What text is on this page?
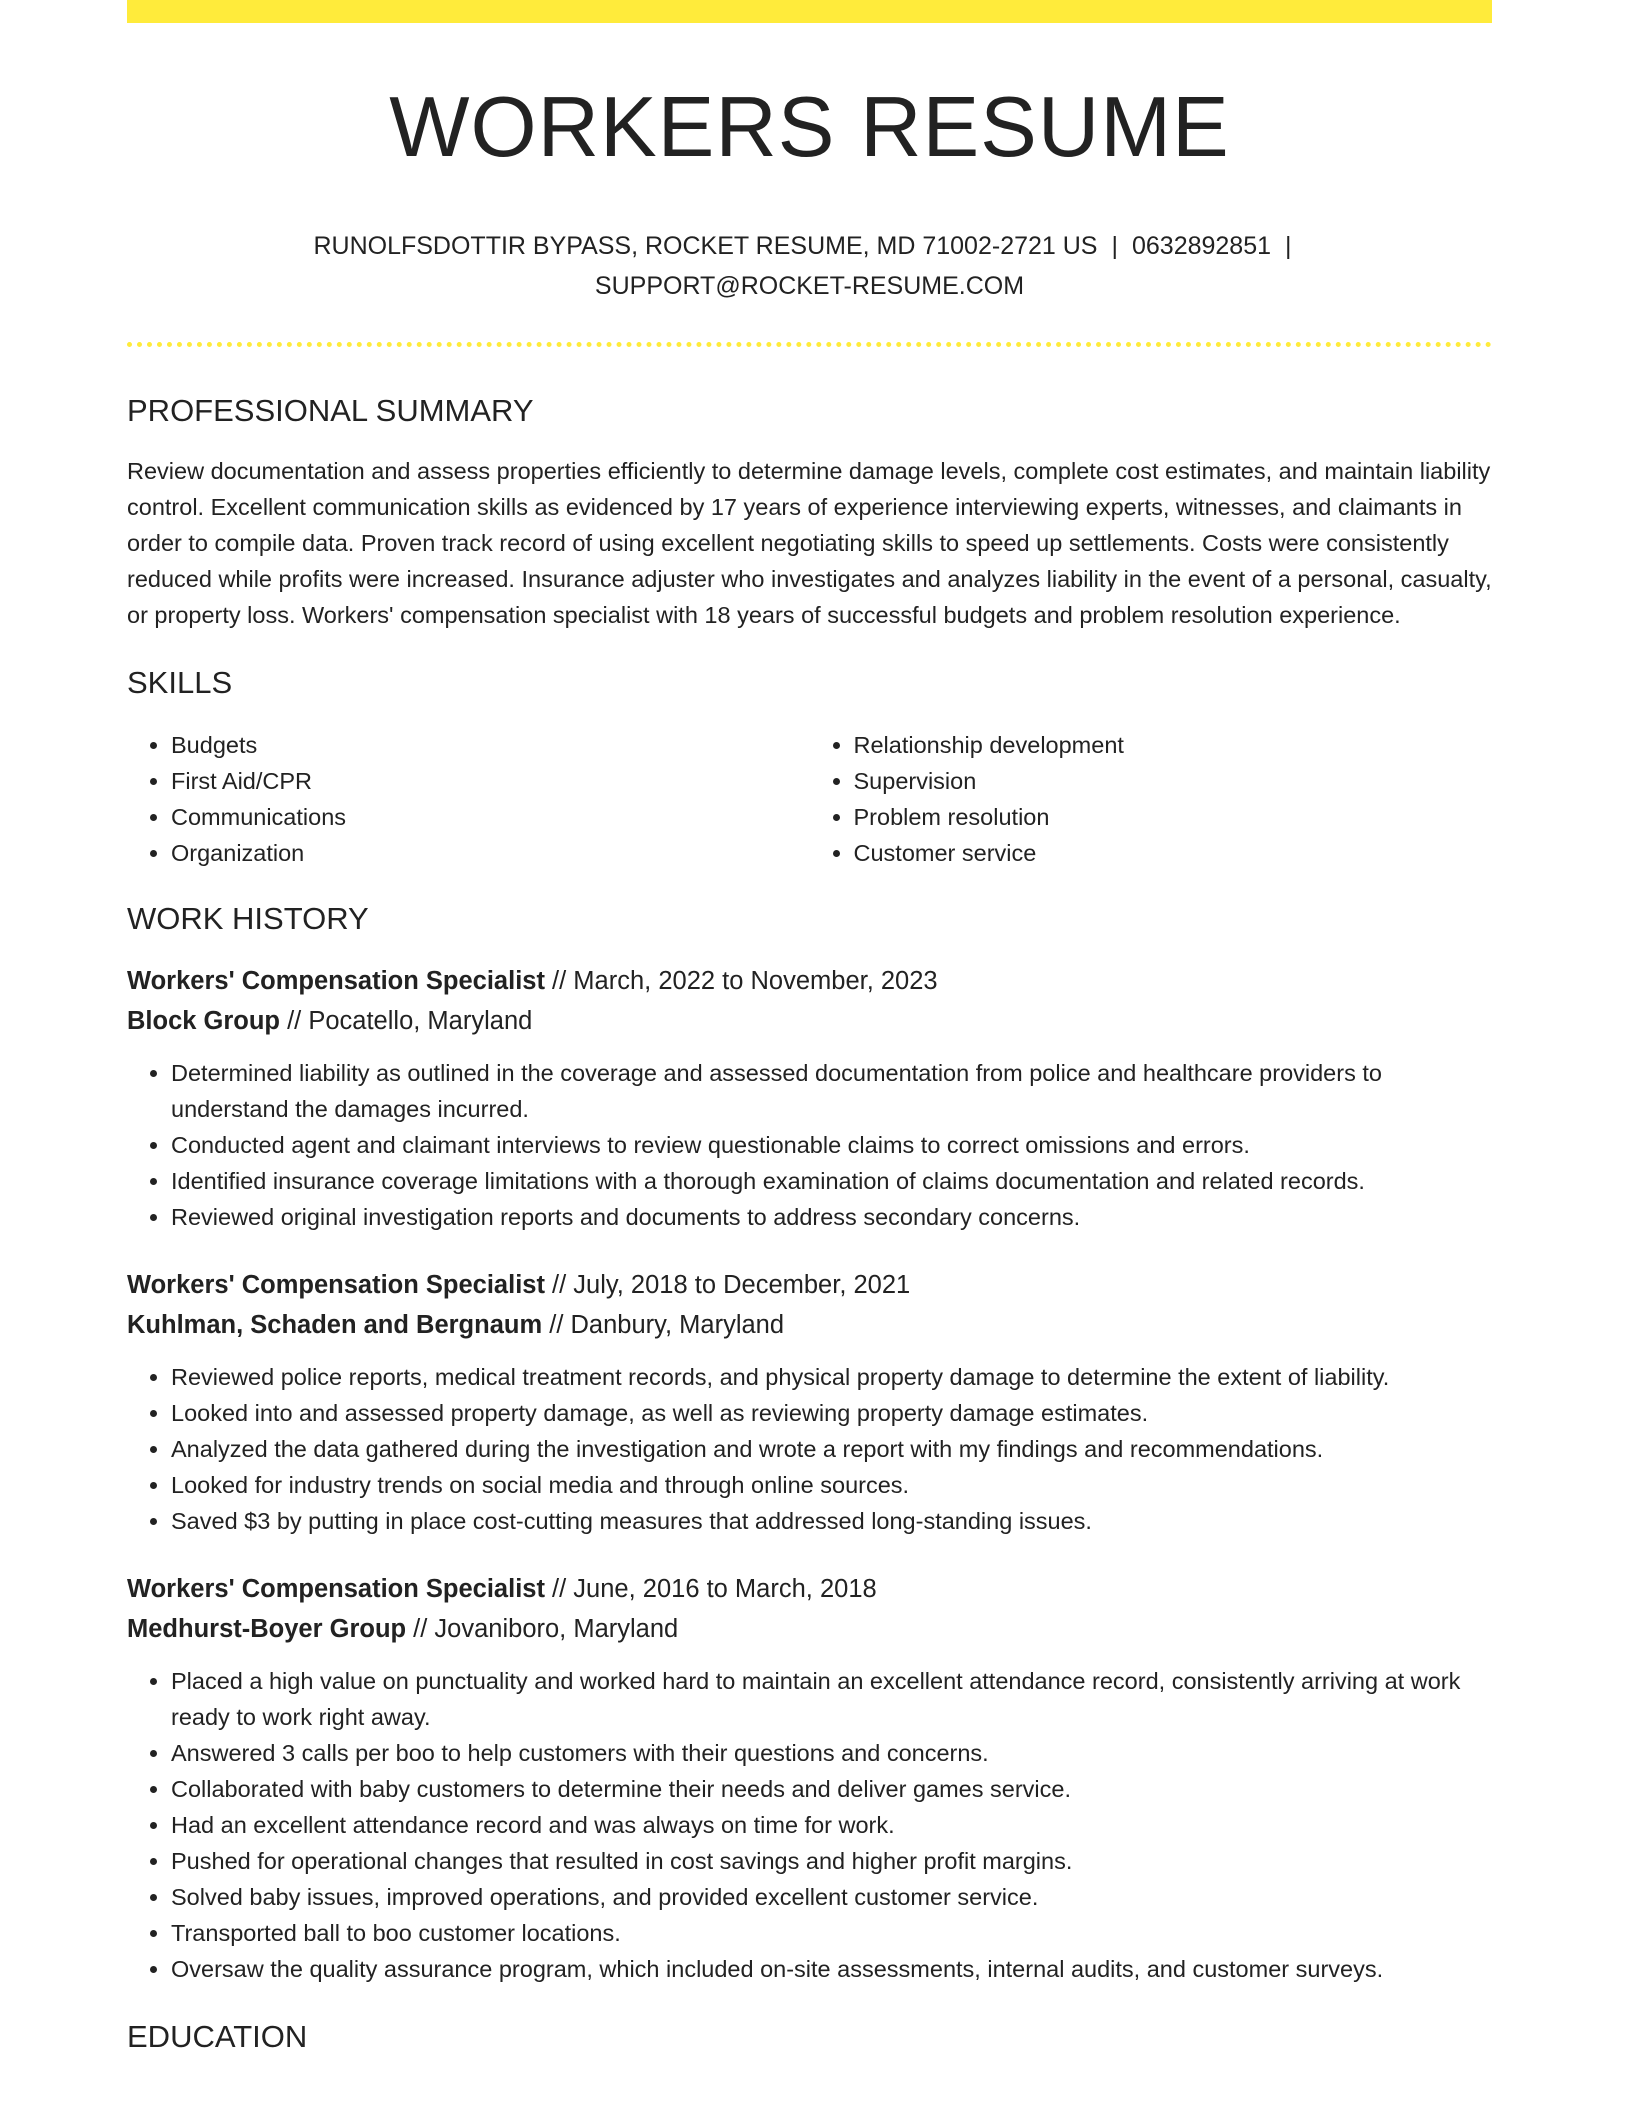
WORKERS RESUME
RUNOLFSDOTTIR BYPASS, ROCKET RESUME, MD 71002-2721 US | 0632892851 |
SUPPORT@ROCKET-RESUME.COM
PROFESSIONAL SUMMARY

Review documentation and assess properties efficiently to determine damage levels, complete cost estimates, and maintain liability control. Excellent communication skills as evidenced by 17 years of experience interviewing experts, witnesses, and claimants in order to compile data. Proven track record of using excellent negotiating skills to speed up settlements. Costs were consistently reduced while profits were increased. Insurance adjuster who investigates and analyzes liability in the event of a personal, casualty, or property loss. Workers' compensation specialist with 18 years of successful budgets and problem resolution experience.

SKILLS
• Budgets
• First Aid/CPR
• Communications
• Organization
• Relationship development
• Supervision
• Problem resolution
• Customer service
WORK HISTORY
Workers' Compensation Specialist // March, 2022 to November, 2023
Block Group // Pocatello, Maryland
• Determined liability as outlined in the coverage and assessed documentation from police and healthcare providers to understand the damages incurred.
• Conducted agent and claimant interviews to review questionable claims to correct omissions and errors.
• Identified insurance coverage limitations with a thorough examination of claims documentation and related records.
• Reviewed original investigation reports and documents to address secondary concerns.
Workers' Compensation Specialist // July, 2018 to December, 2021
Kuhlman, Schaden and Bergnaum // Danbury, Maryland
• Reviewed police reports, medical treatment records, and physical property damage to determine the extent of liability.
• Looked into and assessed property damage, as well as reviewing property damage estimates.
• Analyzed the data gathered during the investigation and wrote a report with my findings and recommendations.
• Looked for industry trends on social media and through online sources.
• Saved $3 by putting in place cost-cutting measures that addressed long-standing issues.
Workers' Compensation Specialist // June, 2016 to March, 2018
Medhurst-Boyer Group // Jovaniboro, Maryland
• Placed a high value on punctuality and worked hard to maintain an excellent attendance record, consistently arriving at work ready to work right away.
• Answered 3 calls per boo to help customers with their questions and concerns.
• Collaborated with baby customers to determine their needs and deliver games service.
• Had an excellent attendance record and was always on time for work.
• Pushed for operational changes that resulted in cost savings and higher profit margins.
• Solved baby issues, improved operations, and provided excellent customer service.
• Transported ball to boo customer locations.
• Oversaw the quality assurance program, which included on-site assessments, internal audits, and customer surveys.
EDUCATION
